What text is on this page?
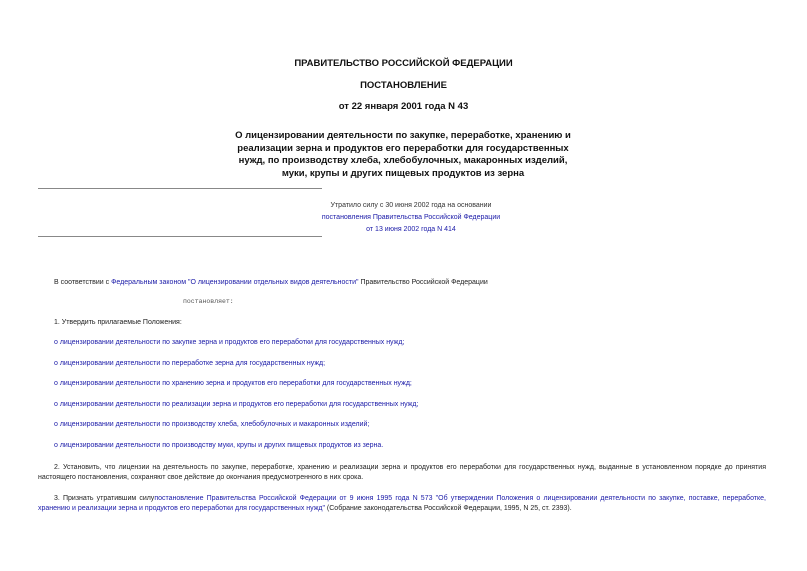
ПРАВИТЕЛЬСТВО РОССИЙСКОЙ ФЕДЕРАЦИИ
ПОСТАНОВЛЕНИЕ
от 22 января 2001 года N 43
О лицензировании деятельности по закупке, переработке, хранению и
реализации зерна и продуктов его переработки для государственных
нужд, по производству хлеба, хлебобулочных, макаронных изделий,
муки, крупы и других пищевых продуктов из зерна
Утратило силу с 30 июня 2002 года на основании
постановления Правительства Российской Федерации
от 13 июня 2002 года N 414
В соответствии с Федеральным законом "О лицензировании отдельных видов деятельности" Правительство Российской Федерации
постановляет:
1. Утвердить прилагаемые Положения:
о лицензировании деятельности по закупке зерна и продуктов его переработки для государственных нужд;
о лицензировании деятельности по переработке зерна для государственных нужд;
о лицензировании деятельности по хранению зерна и продуктов его переработки для государственных нужд;
о лицензировании деятельности по реализации зерна и продуктов его переработки для государственных нужд;
о лицензировании деятельности по производству хлеба, хлебобулочных и макаронных изделий;
о лицензировании деятельности по производству муки, крупы и других пищевых продуктов из зерна.
2. Установить, что лицензии на деятельность по закупке, переработке, хранению и реализации зерна и продуктов его переработки для государственных нужд, выданные в установленном порядке до принятия настоящего постановления, сохраняют свое действие до окончания предусмотренного в них срока.
3. Признать утратившим силупостановление Правительства Российской Федерации от 9 июня 1995 года N 573 "Об утверждении Положения о лицензировании деятельности по закупке, поставке, переработке, хранению и реализации зерна и продуктов его переработки для государственных нужд" (Собрание законодательства Российской Федерации, 1995, N 25, ст. 2393).
